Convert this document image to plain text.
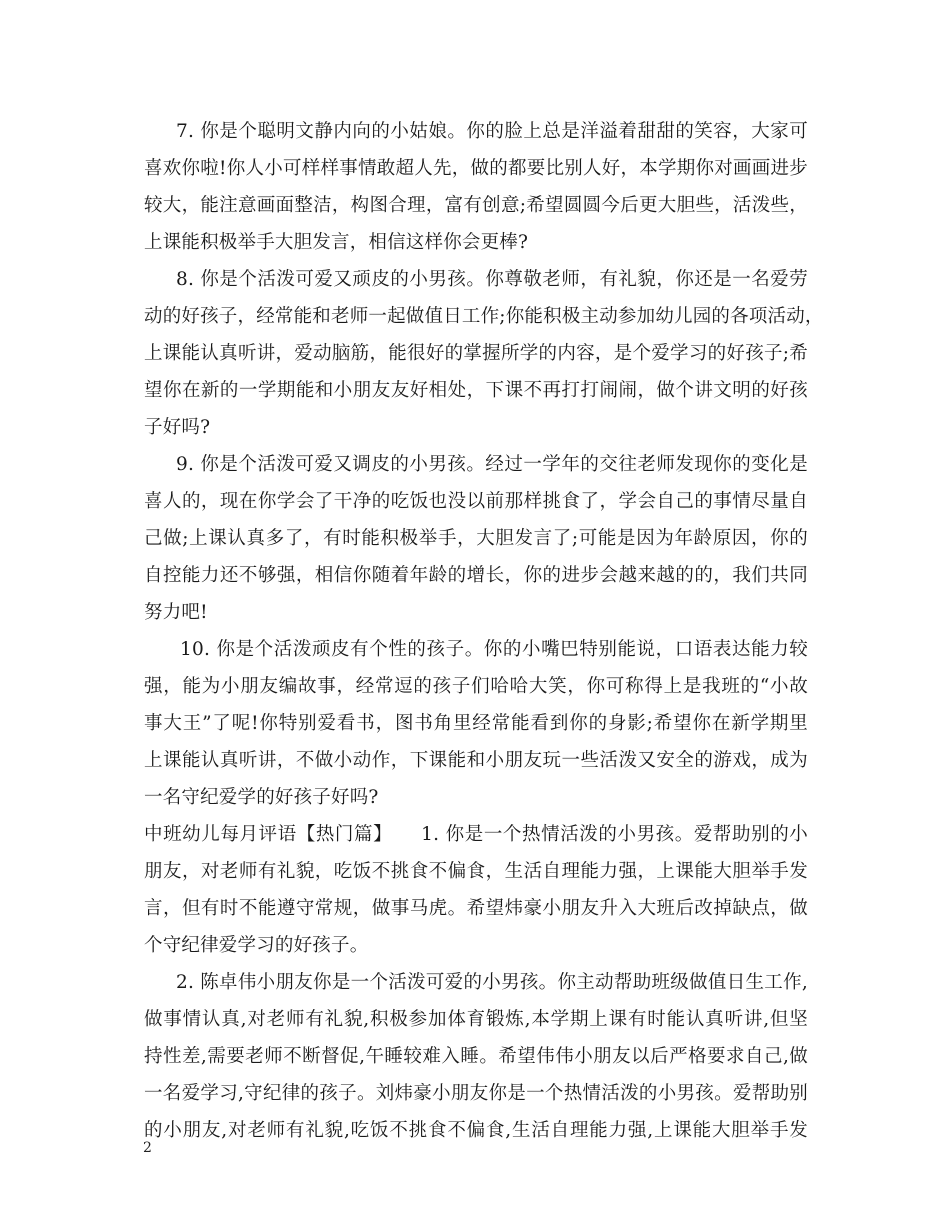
7. 你是个聪明文静内向的小姑娘。你的脸上总是洋溢着甜甜的笑容，大家可
喜欢你啦!你人小可样样事情敢超人先，做的都要比别人好，本学期你对画画进步
较大，能注意画面整洁，构图合理，富有创意;希望圆圆今后更大胆些，活泼些，
上课能积极举手大胆发言，相信这样你会更棒?
8. 你是个活泼可爱又顽皮的小男孩。你尊敬老师，有礼貌，你还是一名爱劳
动的好孩子，经常能和老师一起做值日工作;你能积极主动参加幼儿园的各项活动，
上课能认真听讲，爱动脑筋，能很好的掌握所学的内容，是个爱学习的好孩子;希
望你在新的一学期能和小朋友友好相处，下课不再打打闹闹，做个讲文明的好孩
子好吗?
9. 你是个活泼可爱又调皮的小男孩。经过一学年的交往老师发现你的变化是
喜人的，现在你学会了干净的吃饭也没以前那样挑食了，学会自己的事情尽量自
己做;上课认真多了，有时能积极举手，大胆发言了;可能是因为年龄原因，你的
自控能力还不够强，相信你随着年龄的增长，你的进步会越来越的的，我们共同
努力吧!
10. 你是个活泼顽皮有个性的孩子。你的小嘴巴特别能说，口语表达能力较
强，能为小朋友编故事，经常逗的孩子们哈哈大笑，你可称得上是我班的“小故
事大王”了呢!你特别爱看书，图书角里经常能看到你的身影;希望你在新学期里
上课能认真听讲，不做小动作，下课能和小朋友玩一些活泼又安全的游戏，成为
一名守纪爱学的好孩子好吗?
中班幼儿每月评语【热门篇】　　1. 你是一个热情活泼的小男孩。爱帮助别的小
朋友，对老师有礼貌，吃饭不挑食不偏食，生活自理能力强，上课能大胆举手发
言，但有时不能遵守常规，做事马虎。希望炜豪小朋友升入大班后改掉缺点，做
个守纪律爱学习的好孩子。
2. 陈卓伟小朋友你是一个活泼可爱的小男孩。你主动帮助班级做值日生工作,
做事情认真,对老师有礼貌,积极参加体育锻炼,本学期上课有时能认真听讲,但坚
持性差,需要老师不断督促,午睡较难入睡。希望伟伟小朋友以后严格要求自己,做
一名爱学习,守纪律的孩子。刘炜豪小朋友你是一个热情活泼的小男孩。爱帮助别
的小朋友,对老师有礼貌,吃饭不挑食不偏食,生活自理能力强,上课能大胆举手发
2
